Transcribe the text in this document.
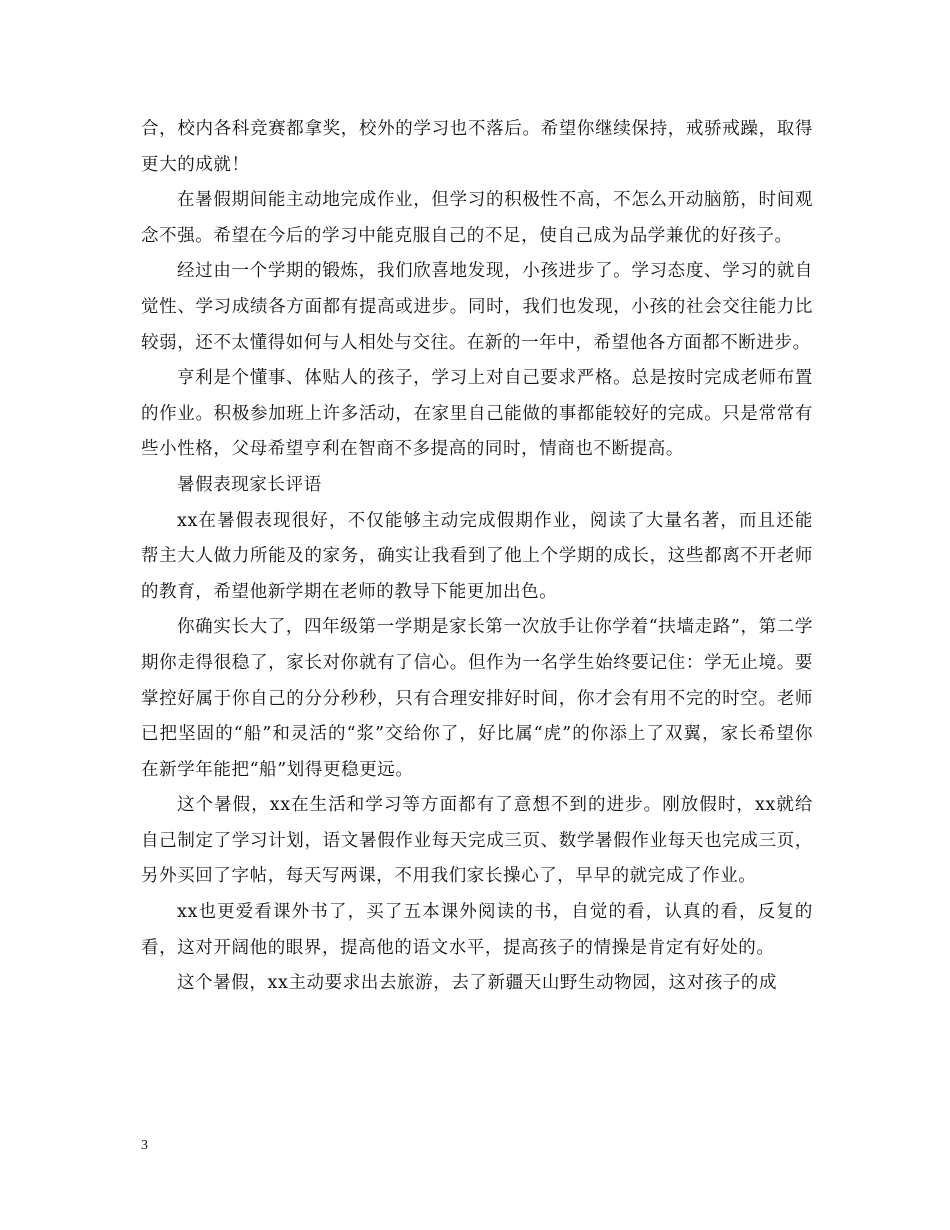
合，校内各科竞赛都拿奖，校外的学习也不落后。希望你继续保持，戒骄戒躁，取得更大的成就！

在暑假期间能主动地完成作业，但学习的积极性不高，不怎么开动脑筋，时间观念不强。希望在今后的学习中能克服自己的不足，使自己成为品学兼优的好孩子。

经过由一个学期的锻炼，我们欣喜地发现，小孩进步了。学习态度、学习的就自觉性、学习成绩各方面都有提高或进步。同时，我们也发现，小孩的社会交往能力比较弱，还不太懂得如何与人相处与交往。在新的一年中，希望他各方面都不断进步。

亨利是个懂事、体贴人的孩子，学习上对自己要求严格。总是按时完成老师布置的作业。积极参加班上许多活动，在家里自己能做的事都能较好的完成。只是常常有些小性格，父母希望亨利在智商不多提高的同时，情商也不断提高。

暑假表现家长评语

xx在暑假表现很好，不仅能够主动完成假期作业，阅读了大量名著，而且还能帮主大人做力所能及的家务，确实让我看到了他上个学期的成长，这些都离不开老师的教育，希望他新学期在老师的教导下能更加出色。

你确实长大了，四年级第一学期是家长第一次放手让你学着“扶墙走路”，第二学期你走得很稳了，家长对你就有了信心。但作为一名学生始终要记住：学无止境。要掌控好属于你自己的分分秒秒，只有合理安排好时间，你才会有用不完的时空。老师已把坚固的“船”和灵活的“浆”交给你了，好比属“虎”的你添上了双翼，家长希望你在新学年能把“船”划得更稳更远。

这个暑假，xx在生活和学习等方面都有了意想不到的进步。刚放假时，xx就给自己制定了学习计划，语文暑假作业每天完成三页、数学暑假作业每天也完成三页，另外买回了字帖，每天写两课，不用我们家长操心了，早早的就完成了作业。

xx也更爱看课外书了，买了五本课外阅读的书，自觉的看，认真的看，反复的看，这对开阔他的眼界，提高他的语文水平，提高孩子的情操是肯定有好处的。

这个暑假，xx主动要求出去旅游，去了新疆天山野生动物园，这对孩子的成

3
